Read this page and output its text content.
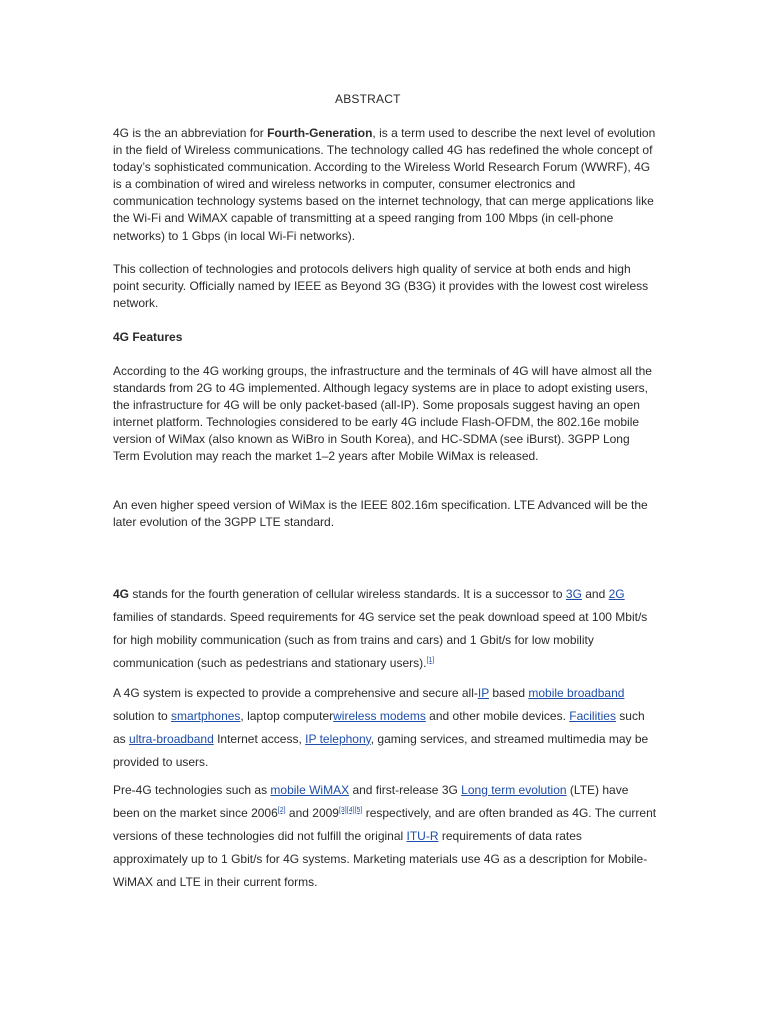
ABSTRACT

4G is the an abbreviation for Fourth-Generation, is a term used to describe the next level of evolution in the field of Wireless communications. The technology called 4G has redefined the whole concept of today’s sophisticated communication. According to the Wireless World Research Forum (WWRF), 4G is a combination of wired and wireless networks in computer, consumer electronics and communication technology systems based on the internet technology, that can merge applications like the Wi-Fi and WiMAX capable of transmitting at a speed ranging from 100 Mbps (in cell-phone networks) to 1 Gbps (in local Wi-Fi networks).

This collection of technologies and protocols delivers high quality of service at both ends and high point security. Officially named by IEEE as Beyond 3G (B3G) it provides with the lowest cost wireless network.

4G Features

According to the 4G working groups, the infrastructure and the terminals of 4G will have almost all the standards from 2G to 4G implemented. Although legacy systems are in place to adopt existing users, the infrastructure for 4G will be only packet-based (all-IP). Some proposals suggest having an open internet platform. Technologies considered to be early 4G include Flash-OFDM, the 802.16e mobile version of WiMax (also known as WiBro in South Korea), and HC-SDMA (see iBurst). 3GPP Long Term Evolution may reach the market 1–2 years after Mobile WiMax is released.

An even higher speed version of WiMax is the IEEE 802.16m specification. LTE Advanced will be the later evolution of the 3GPP LTE standard.

4G stands for the fourth generation of cellular wireless standards. It is a successor to 3G and 2G families of standards. Speed requirements for 4G service set the peak download speed at 100 Mbit/s for high mobility communication (such as from trains and cars) and 1 Gbit/s for low mobility communication (such as pedestrians and stationary users).[1]

A 4G system is expected to provide a comprehensive and secure all-IP based mobile broadband solution to smartphones, laptop computerwireless modems and other mobile devices. Facilities such as ultra-broadband Internet access, IP telephony, gaming services, and streamed multimedia may be provided to users.

Pre-4G technologies such as mobile WiMAX and first-release 3G Long term evolution (LTE) have been on the market since 2006[2] and 2009[3][4][5] respectively, and are often branded as 4G. The current versions of these technologies did not fulfill the original ITU-R requirements of data rates approximately up to 1 Gbit/s for 4G systems. Marketing materials use 4G as a description for Mobile-WiMAX and LTE in their current forms.
